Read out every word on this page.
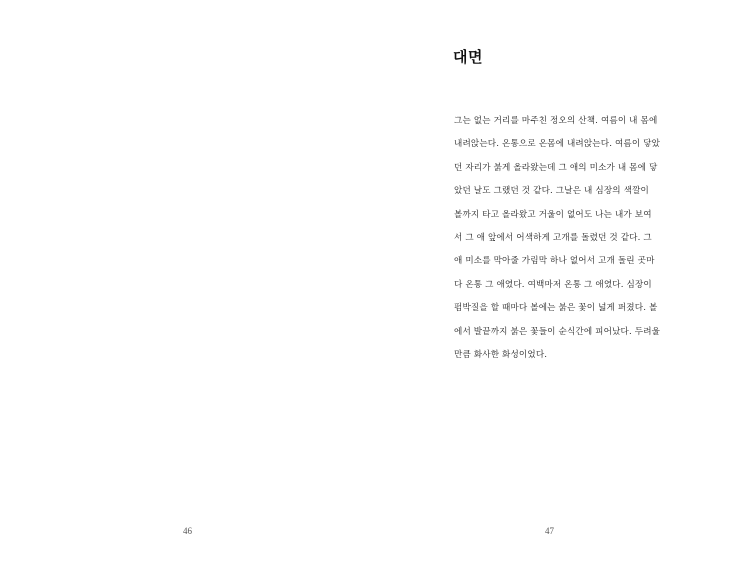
46
대면
그는 없는 거리를 마주친 정오의 산책. 여름이 내 몸에
내려앉는다. 온통으로 온몸에 내려앉는다. 여름이 닿았
던 자리가 붉게 올라왔는데 그 애의 미소가 내 몸에 닿
았던 날도 그랬던 것 같다. 그날은 내 심장의 색깔이
볼까지 타고 올라왔고 거울이 없어도 나는 내가 보여
서 그 애 앞에서 어색하게 고개를 돌렸던 것 같다. 그
애 미소를 막아줄 가림막 하나 없어서 고개 돌린 곳마
다 온통 그 애였다. 여백마저 온통 그 애였다. 심장이
펌박질을 할 때마다 볼에는 붉은 꽃이 넓게 퍼졌다. 볼
에서 발끝까지 붉은 꽃들이 순식간에 피어났다. 두려울
만큼 화사한 화성이었다.
47
